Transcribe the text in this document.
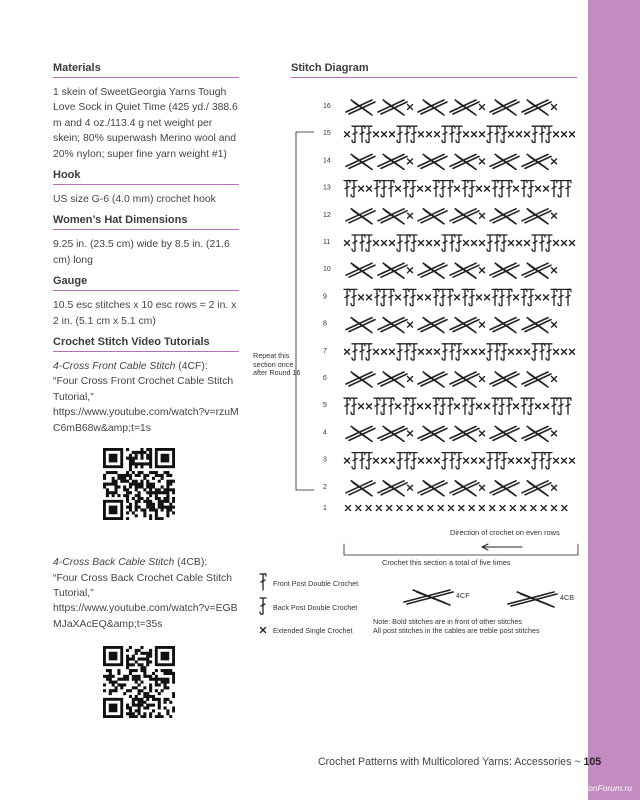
Materials

1 skein of SweetGeorgia Yarns Tough Love Sock in Quiet Time (425 yd./ 388.6 m and 4 oz./113.4 g net weight per skein; 80% superwash Merino wool and 20% nylon; super fine yarn weight #1)

Hook

US size G-6 (4.0 mm) crochet hook

Women’s Hat Dimensions

9.25 in. (23.5 cm) wide by 8.5 in. (21.6 cm) long

Gauge

10.5 esc stitches x 10 esc rows = 2 in. x 2 in. (5.1 cm x 5.1 cm)

Crochet Stitch Video Tutorials

4-Cross Front Cable Stitch (4CF):
“Four Cross Front Crochet Cable Stitch Tutorial,”
https://www.youtube.com/watch?v=rzuMC6mB68w&amp;t=1s

4-Cross Back Cable Stitch (4CB):
“Four Cross Back Crochet Cable Stitch Tutorial,”
https://www.youtube.com/watch?v=EGBMJaXAcEQ&amp;t=35s

Stitch Diagram
16
15
14
13
12
11
10
9
8
7
6
5
4
3
2
1
Repeat this section once after Round 16
Direction of crochet on even rows
Crochet this section a total of five times
Front Post Double Crochet
Back Post Double Crochet
Extended Single Crochet
4CF	4CB
Note: Bold stitches are in front of other stitches
All post stitches in the cables are treble post stitches
Crochet Patterns with Multicolored Yarns: Accessories ~ 105
PassionForum.ru
